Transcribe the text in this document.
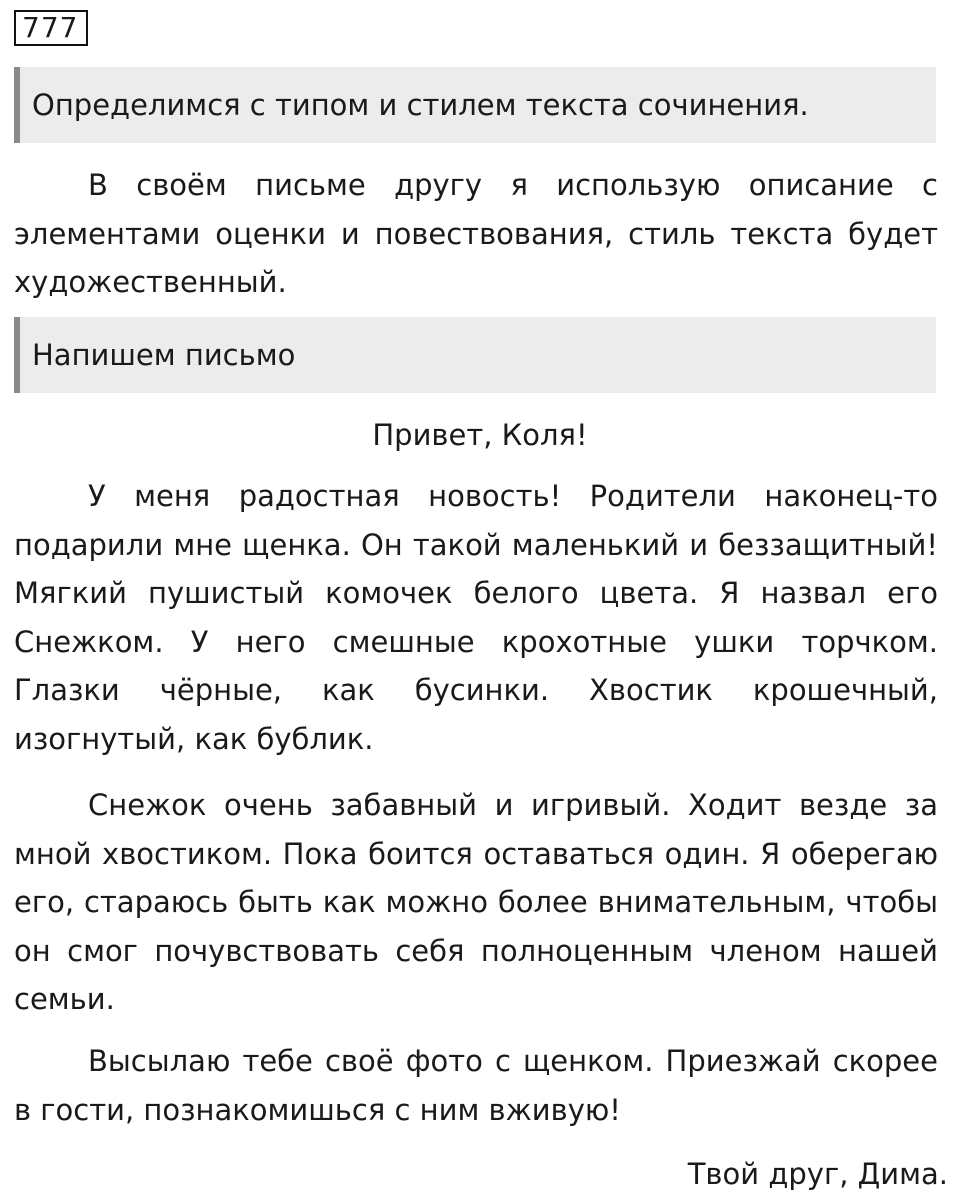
777
Определимся с типом и стилем текста сочинения.

В своём письме другу я использую описание с элементами оценки и повествования, стиль текста будет художественный.

Напишем письмо
Привет, Коля!

У меня радостная новость! Родители наконец-то подарили мне щенка. Он такой маленький и беззащитный! Мягкий пушистый комочек белого цвета. Я назвал его Снежком. У него смешные крохотные ушки торчком. Глазки чёрные, как бусинки. Хвостик крошечный, изогнутый, как бублик.

Снежок очень забавный и игривый. Ходит везде за мной хвостиком. Пока боится оставаться один. Я оберегаю его, стараюсь быть как можно более внимательным, чтобы он смог почувствовать себя полноценным членом нашей семьи.

Высылаю тебе своё фото с щенком. Приезжай скорее в гости, познакомишься с ним вживую!

Твой друг, Дима.
